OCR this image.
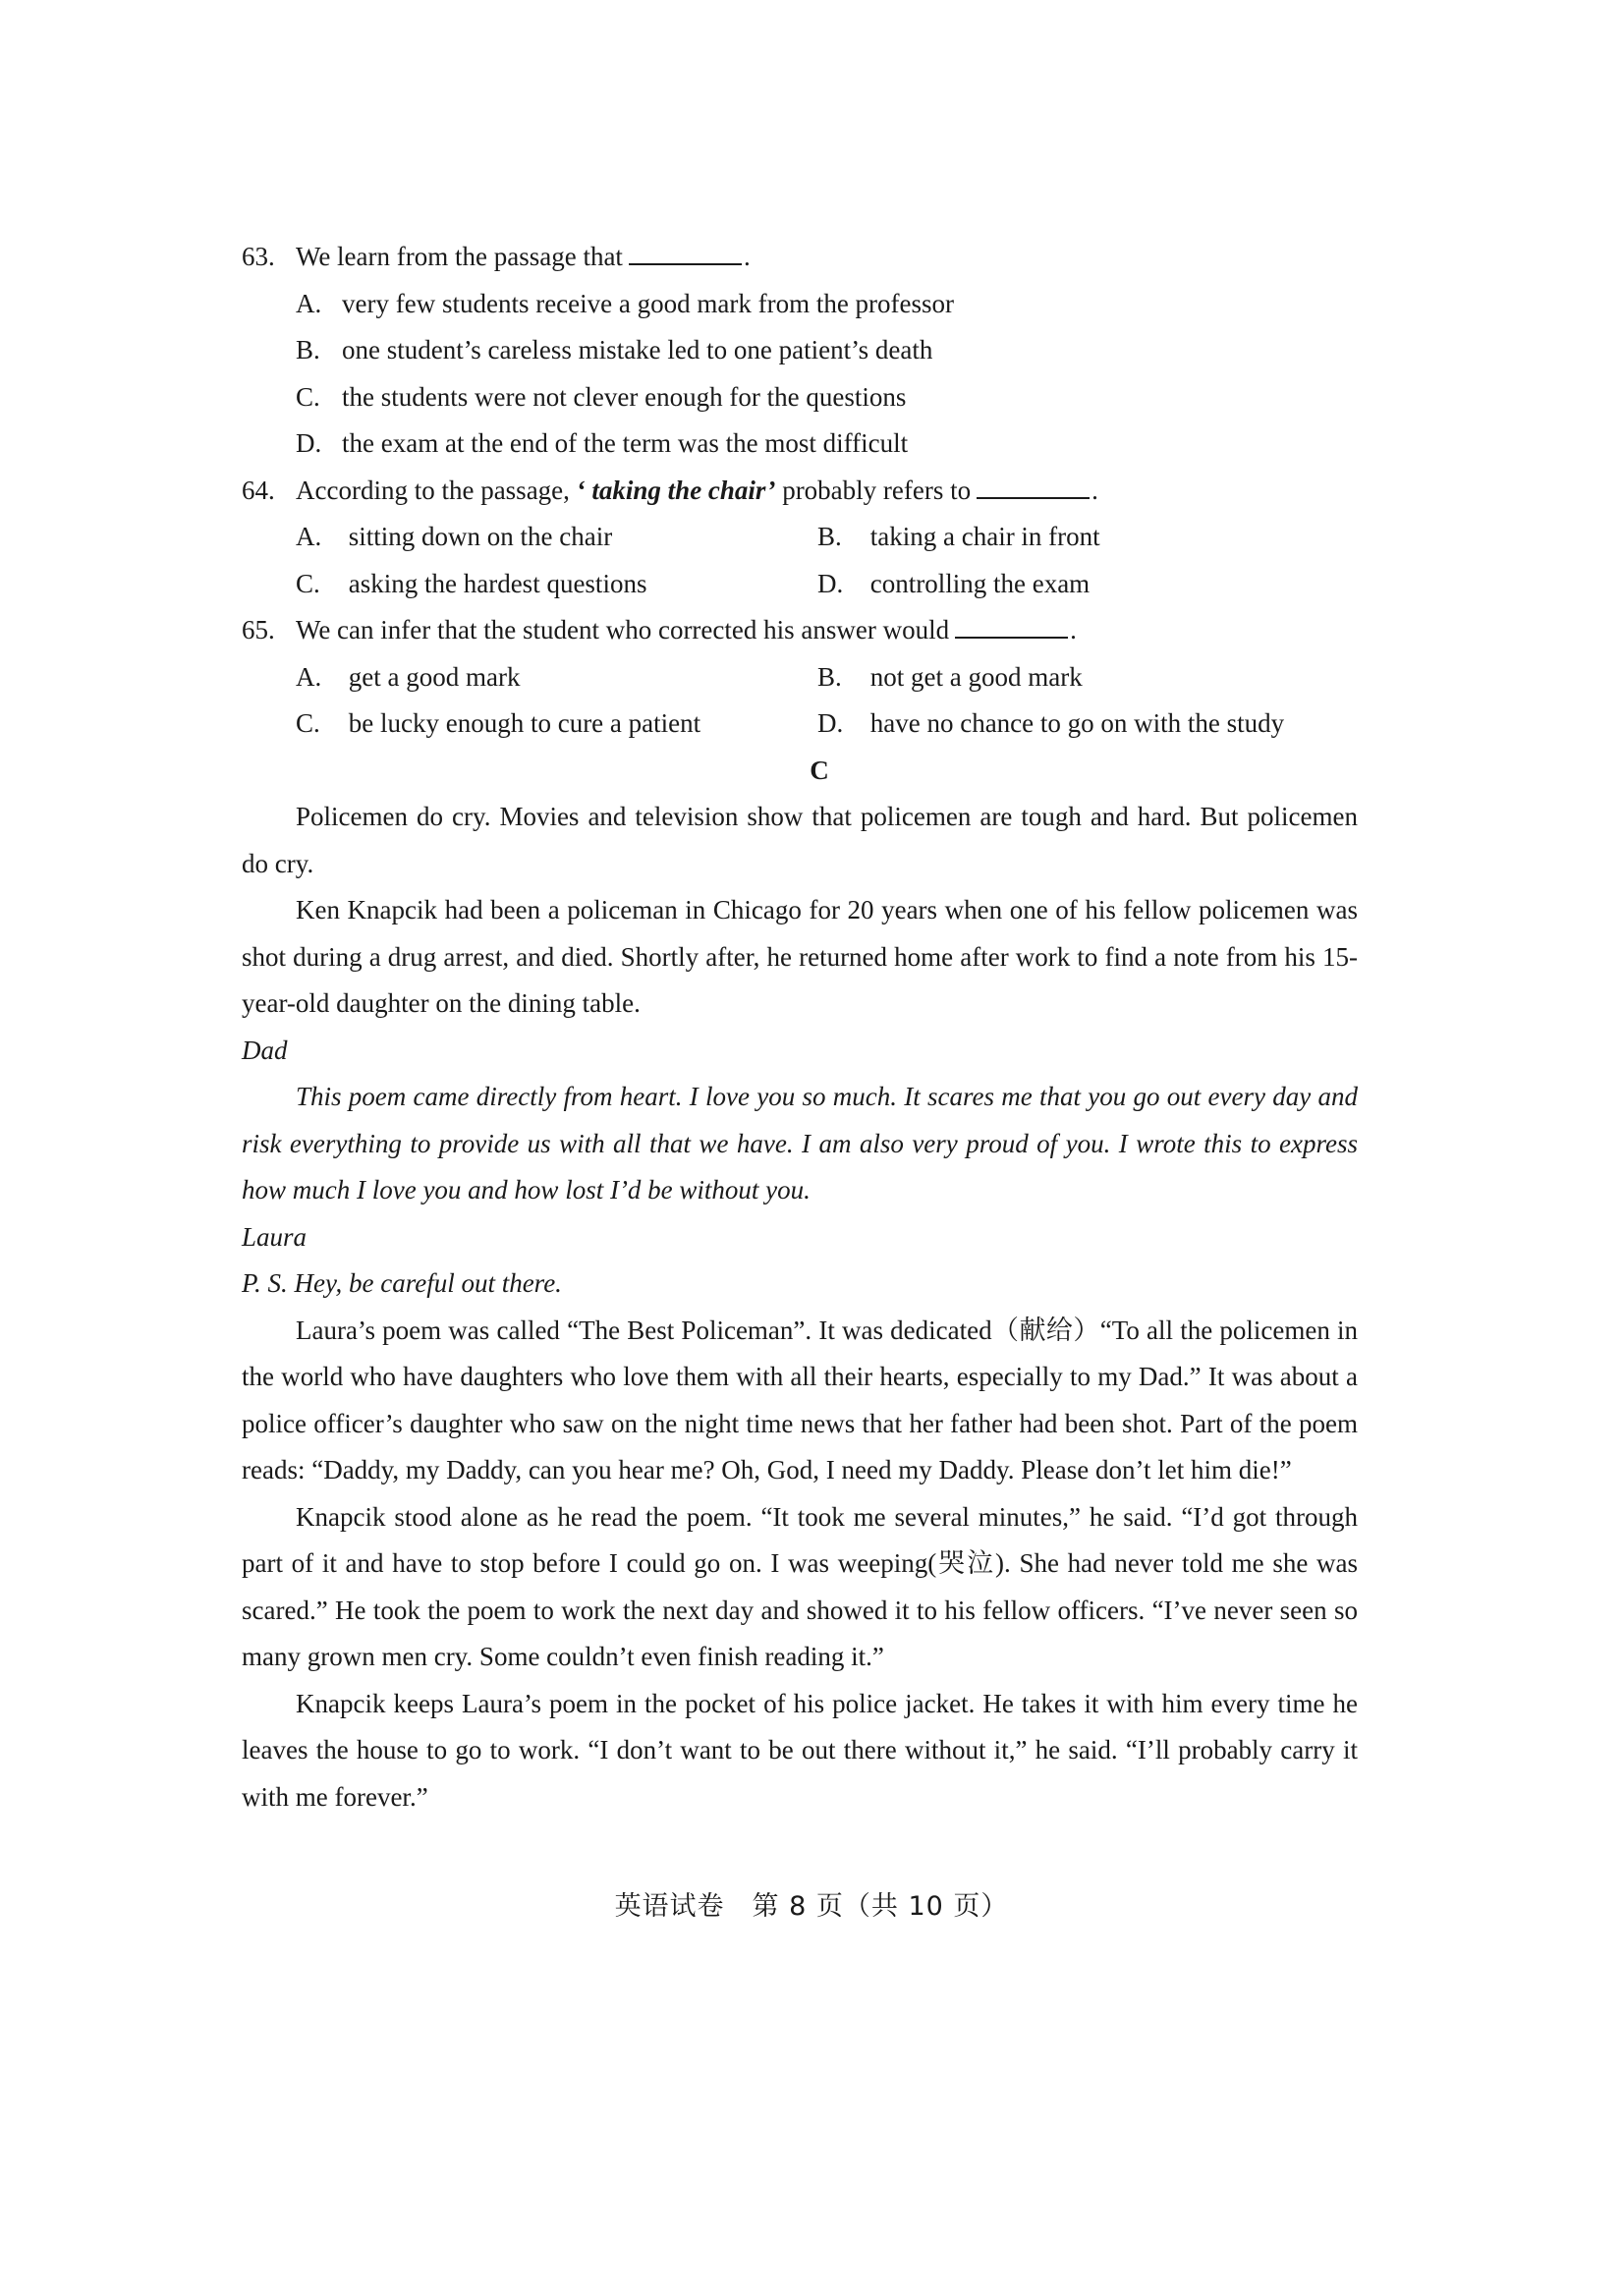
63. We learn from the passage that	.
A. very few students receive a good mark from the professor
B. one student’s careless mistake led to one patient’s death
C. the students were not clever enough for the questions
D. the exam at the end of the term was the most difficult
64. According to the passage, ‘ taking the chair’ probably refers to	.
A. sitting down on the chair	B. taking a chair in front
C. asking the hardest questions	D. controlling the exam
65. We can infer that the student who corrected his answer would	.
A. get a good mark	B. not get a good mark
C. be lucky enough to cure a patient	D. have no chance to go on with the study
C

Policemen do cry. Movies and television show that policemen are tough and hard. But policemen do cry.

Ken Knapcik had been a policeman in Chicago for 20 years when one of his fellow policemen was shot during a drug arrest, and died. Shortly after, he returned home after work to find a note from his 15-year-old daughter on the dining table.

Dad

This poem came directly from heart. I love you so much. It scares me that you go out every day and risk everything to provide us with all that we have. I am also very proud of you. I wrote this to express how much I love you and how lost I’d be without you.

Laura

P. S. Hey, be careful out there.

Laura’s poem was called “The Best Policeman”. It was dedicated（献给）“To all the policemen in the world who have daughters who love them with all their hearts, especially to my Dad.” It was about a police officer’s daughter who saw on the night time news that her father had been shot. Part of the poem reads: “Daddy, my Daddy, can you hear me? Oh, God, I need my Daddy. Please don’t let him die!”

Knapcik stood alone as he read the poem. “It took me several minutes,” he said. “I’d got through part of it and have to stop before I could go on. I was weeping(哭泣). She had never told me she was scared.” He took the poem to work the next day and showed it to his fellow officers. “I’ve never seen so many grown men cry. Some couldn’t even finish reading it.”

Knapcik keeps Laura’s poem in the pocket of his police jacket. He takes it with him every time he leaves the house to go to work. “I don’t want to be out there without it,” he said. “I’ll probably carry it with me forever.”

英语试卷　第 8 页（共 10 页）
